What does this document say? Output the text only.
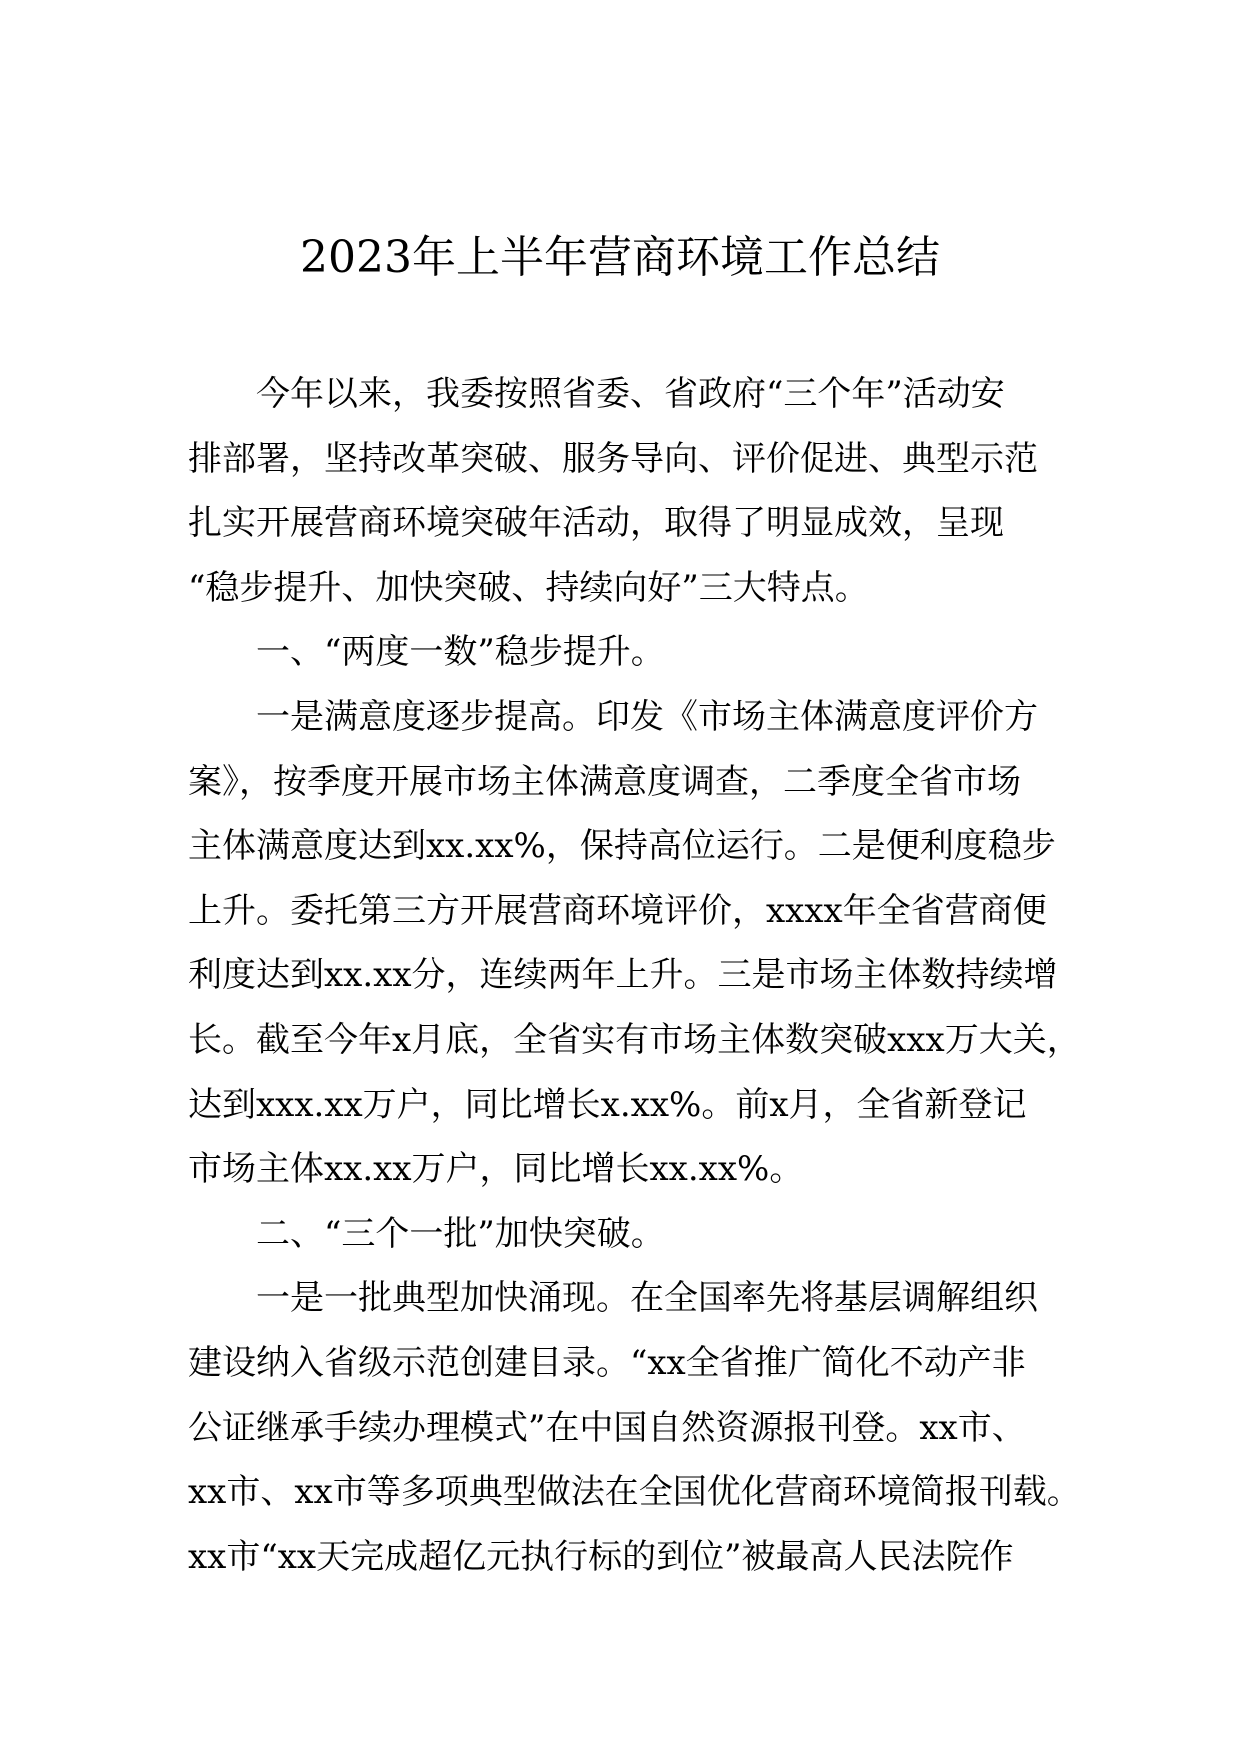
2023年上半年营商环境工作总结
今年以来，我委按照省委、省政府“三个年”活动安
排部署，坚持改革突破、服务导向、评价促进、典型示范
扎实开展营商环境突破年活动，取得了明显成效，呈现
“稳步提升、加快突破、持续向好”三大特点。
一、“两度一数”稳步提升。
一是满意度逐步提高。印发《市场主体满意度评价方
案》，按季度开展市场主体满意度调查，二季度全省市场
主体满意度达到xx.xx%，保持高位运行。二是便利度稳步
上升。委托第三方开展营商环境评价，xxxx年全省营商便
利度达到xx.xx分，连续两年上升。三是市场主体数持续增
长。截至今年x月底，全省实有市场主体数突破xxx万大关，
达到xxx.xx万户，同比增长x.xx%。前x月，全省新登记
市场主体xx.xx万户，同比增长xx.xx%。
二、“三个一批”加快突破。
一是一批典型加快涌现。在全国率先将基层调解组织
建设纳入省级示范创建目录。“xx全省推广简化不动产非
公证继承手续办理模式”在中国自然资源报刊登。xx市、
xx市、xx市等多项典型做法在全国优化营商环境简报刊载。
xx市“xx天完成超亿元执行标的到位”被最高人民法院作
